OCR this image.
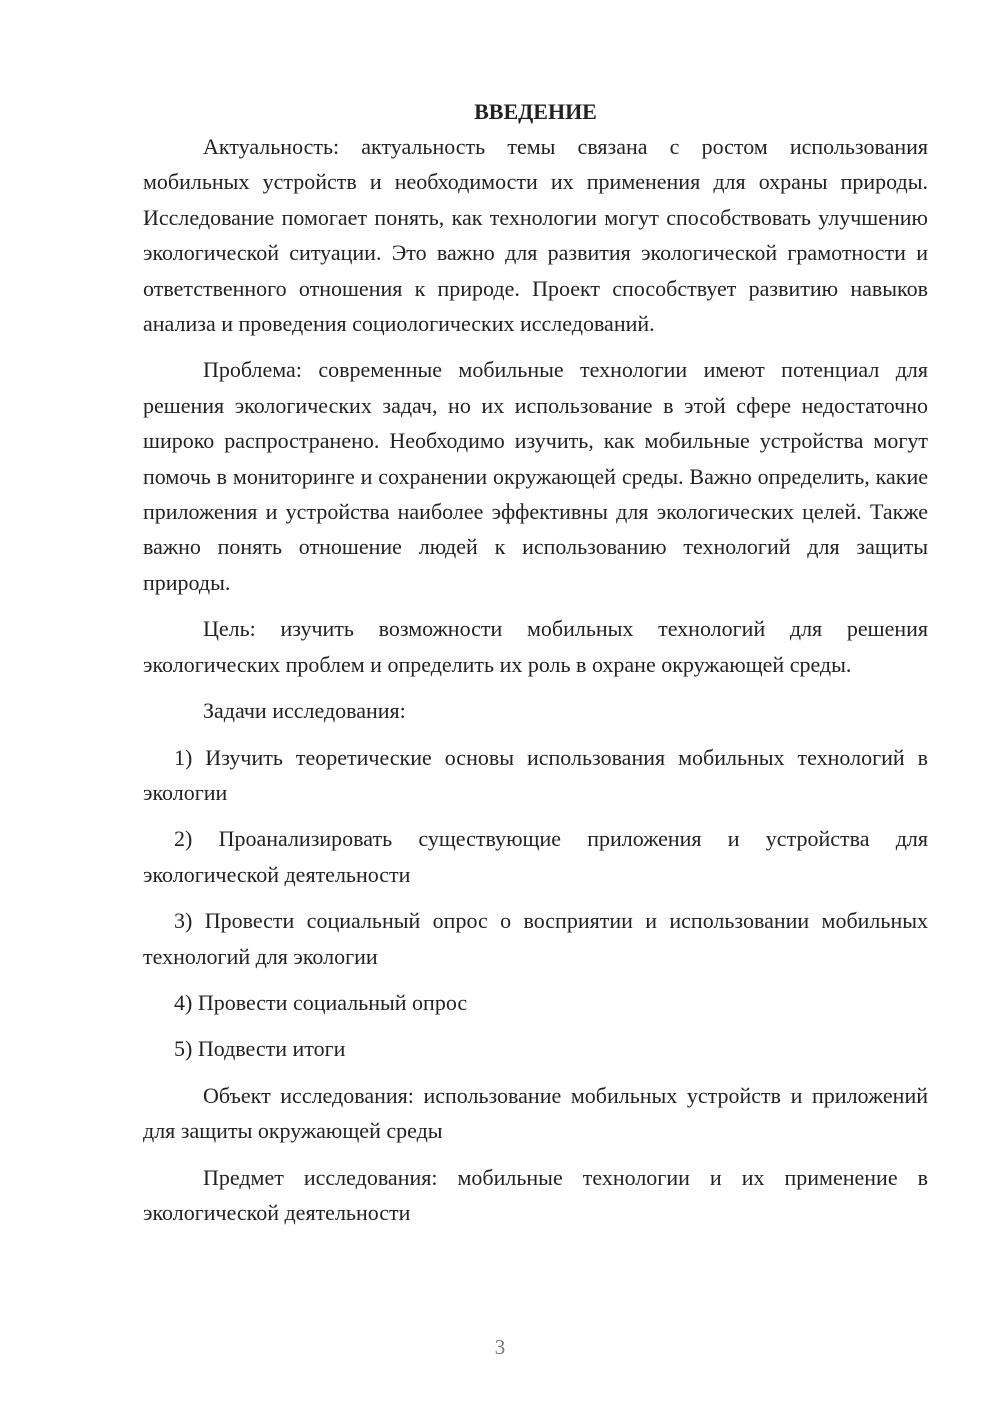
ВВЕДЕНИЕ

Актуальность: актуальность темы связана с ростом использования мобильных устройств и необходимости их применения для охраны природы. Исследование помогает понять, как технологии могут способствовать улучшению экологической ситуации. Это важно для развития экологической грамотности и ответственного отношения к природе. Проект способствует развитию навыков анализа и проведения социологических исследований.

Проблема: современные мобильные технологии имеют потенциал для решения экологических задач, но их использование в этой сфере недостаточно широко распространено. Необходимо изучить, как мобильные устройства могут помочь в мониторинге и сохранении окружающей среды. Важно определить, какие приложения и устройства наиболее эффективны для экологических целей. Также важно понять отношение людей к использованию технологий для защиты природы.

Цель: изучить возможности мобильных технологий для решения экологических проблем и определить их роль в охране окружающей среды.

Задачи исследования:

1) Изучить теоретические основы использования мобильных технологий в экологии

2) Проанализировать существующие приложения и устройства для экологической деятельности

3) Провести социальный опрос о восприятии и использовании мобильных технологий для экологии

4) Провести социальный опрос

5) Подвести итоги

Объект исследования: использование мобильных устройств и приложений для защиты окружающей среды

Предмет исследования: мобильные технологии и их применение в экологической деятельности

3
